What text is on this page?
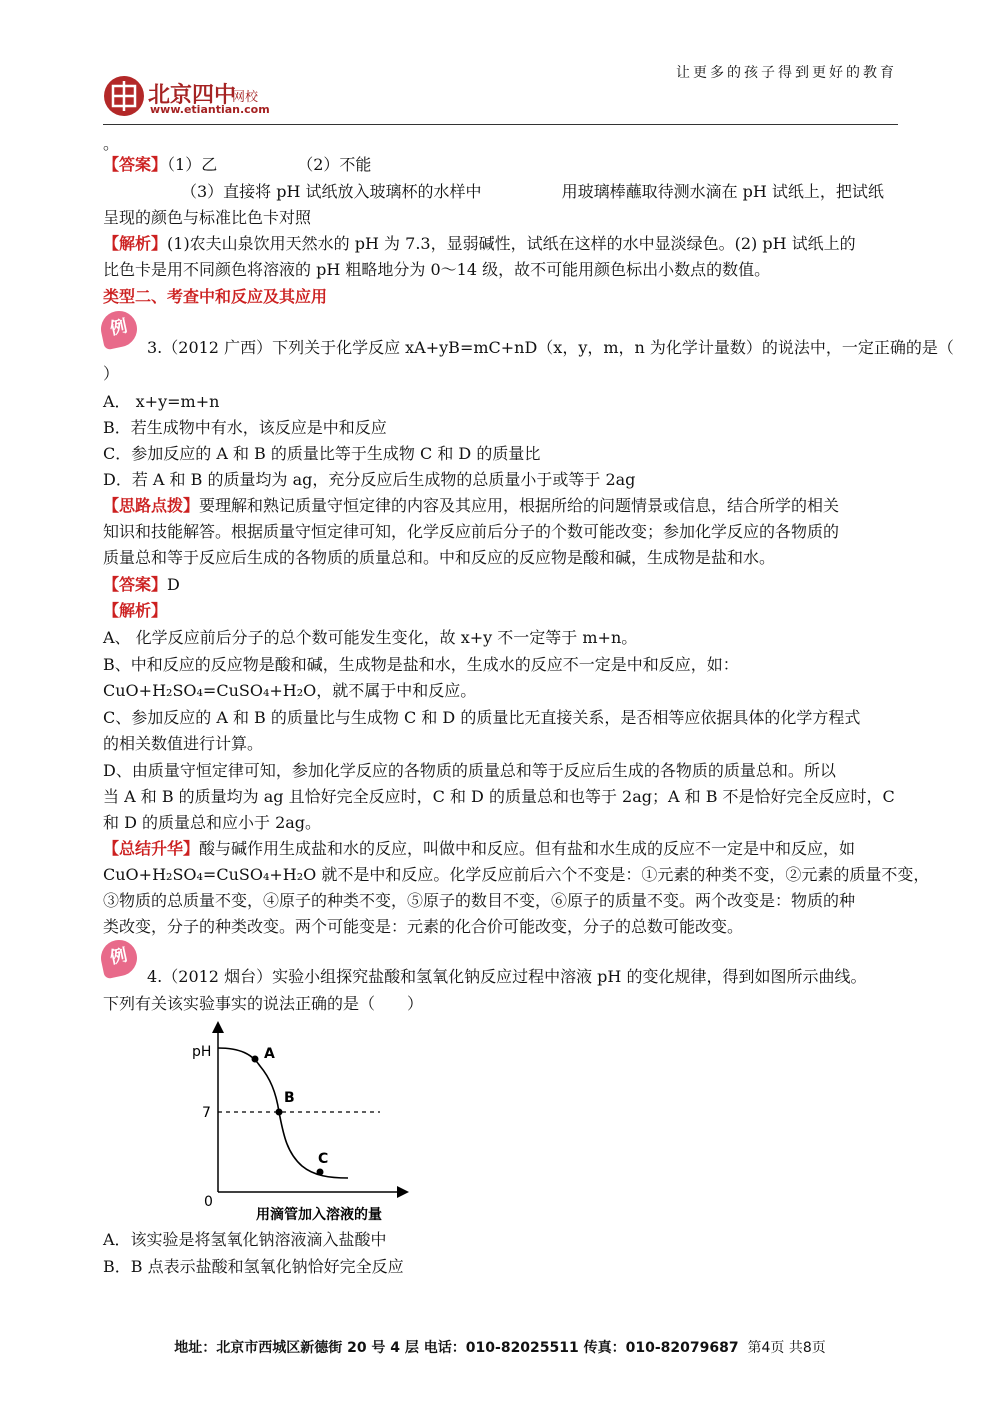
北京四中
网校
www.etiantian.com
让更多的孩子得到更好的教育
。
【答案】（1）乙	（2）不能
（3）直接将 pH 试纸放入玻璃杯的水样中	用玻璃棒蘸取待测水滴在 pH 试纸上，把试纸
呈现的颜色与标准比色卡对照
【解析】(1)农夫山泉饮用天然水的 pH 为 7.3，显弱碱性，试纸在这样的水中显淡绿色。(2) pH 试纸上的
比色卡是用不同颜色将溶液的 pH 粗略地分为 0～14 级，故不可能用颜色标出小数点的数值。
类型二、考查中和反应及其应用
例
3.（2012 广西）下列关于化学反应 xA+yB=mC+nD（x，y，m，n 为化学计量数）的说法中，一定正确的是（
）
A． x+y=m+n
B．若生成物中有水，该反应是中和反应
C．参加反应的 A 和 B 的质量比等于生成物 C 和 D 的质量比
D．若 A 和 B 的质量均为 ag，充分反应后生成物的总质量小于或等于 2ag
【思路点拨】要理解和熟记质量守恒定律的内容及其应用，根据所给的问题情景或信息，结合所学的相关
知识和技能解答。根据质量守恒定律可知，化学反应前后分子的个数可能改变；参加化学反应的各物质的
质量总和等于反应后生成的各物质的质量总和。中和反应的反应物是酸和碱，生成物是盐和水。
【答案】D
【解析】
A、 化学反应前后分子的总个数可能发生变化，故 x+y 不一定等于 m+n。
B、中和反应的反应物是酸和碱，生成物是盐和水，生成水的反应不一定是中和反应，如：
CuO+H₂SO₄=CuSO₄+H₂O，就不属于中和反应。
C、参加反应的 A 和 B 的质量比与生成物 C 和 D 的质量比无直接关系，是否相等应依据具体的化学方程式
的相关数值进行计算。
D、由质量守恒定律可知，参加化学反应的各物质的质量总和等于反应后生成的各物质的质量总和。所以
当 A 和 B 的质量均为 ag 且恰好完全反应时，C 和 D 的质量总和也等于 2ag；A 和 B 不是恰好完全反应时，C
和 D 的质量总和应小于 2ag。
【总结升华】酸与碱作用生成盐和水的反应，叫做中和反应。但有盐和水生成的反应不一定是中和反应，如
CuO+H₂SO₄=CuSO₄+H₂O 就不是中和反应。化学反应前后六个不变是：①元素的种类不变，②元素的质量不变，
③物质的总质量不变，④原子的种类不变，⑤原子的数目不变，⑥原子的质量不变。两个改变是：物质的种
类改变，分子的种类改变。两个可能变是：元素的化合价可能改变，分子的总数可能改变。
例
4.（2012 烟台）实验小组探究盐酸和氢氧化钠反应过程中溶液 pH 的变化规律，得到如图所示曲线。
下列有关该实验事实的说法正确的是（　　）
pH
7
0
A
B
C
用滴管加入溶液的量
A．该实验是将氢氧化钠溶液滴入盐酸中
B．B 点表示盐酸和氢氧化钠恰好完全反应
地址：北京市西城区新德街 20 号 4 层 电话：010-82025511 传真：010-82079687 第4页 共8页
